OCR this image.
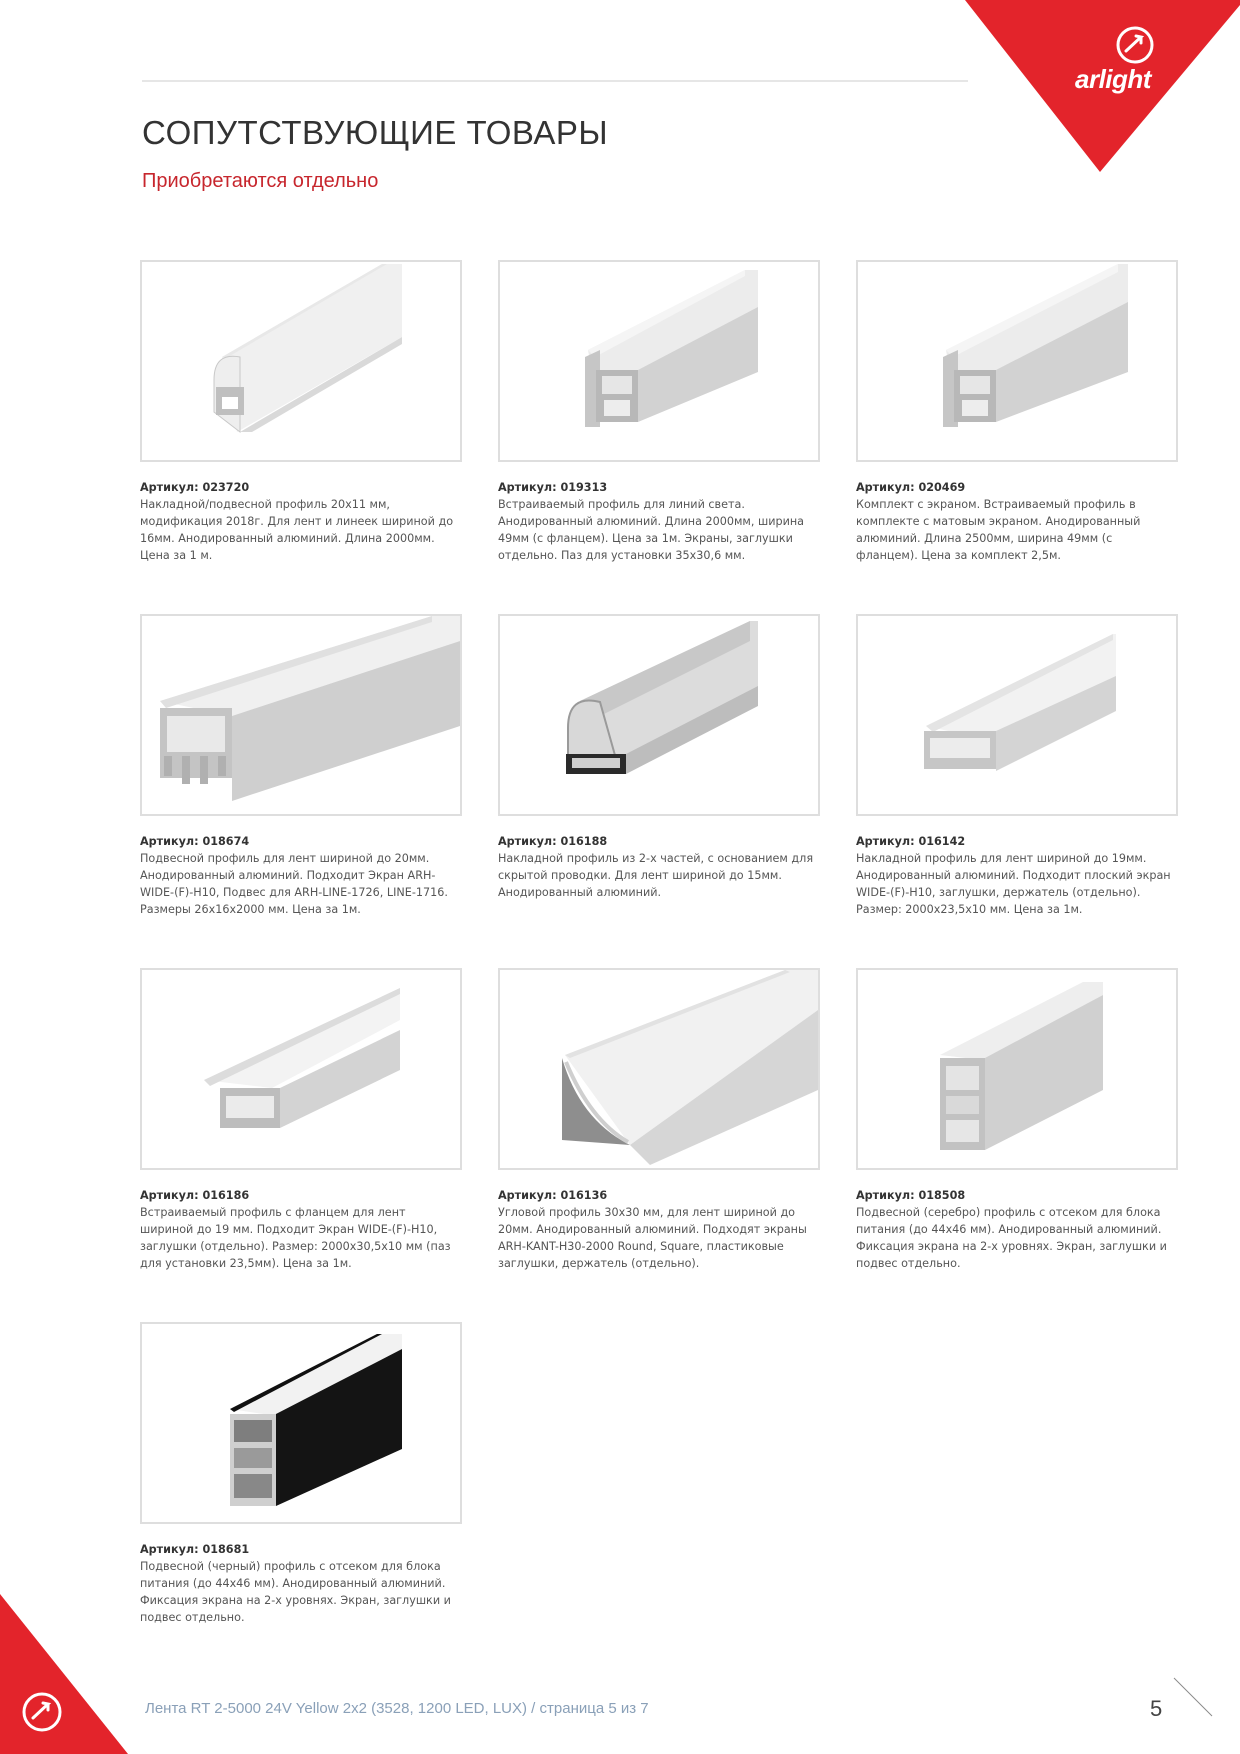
arlight
СОПУТСТВУЮЩИЕ ТОВАРЫ
Приобретаются отдельно
Артикул: 023720
Накладной/подвесной профиль 20х11 мм, модификация 2018г. Для лент и линеек шириной до 16мм. Анодированный алюминий. Длина 2000мм. Цена за 1 м.
Артикул: 019313
Встраиваемый профиль для линий света. Анодированный алюминий. Длина 2000мм, ширина 49мм (с фланцем). Цена за 1м. Экраны, заглушки отдельно. Паз для установки 35х30,6 мм.
Артикул: 020469
Комплект с экраном. Встраиваемый профиль в комплекте с матовым экраном. Анодированный алюминий. Длина 2500мм, ширина 49мм (с фланцем). Цена за комплект 2,5м.
Артикул: 018674
Подвесной профиль для лент шириной до 20мм. Анодированный алюминий. Подходит Экран ARH-WIDE-(F)-H10, Подвес для ARH-LINE-1726, LINE-1716. Размеры 26х16х2000 мм. Цена за 1м.
Артикул: 016188
Накладной профиль из 2-х частей, с основанием для скрытой проводки. Для лент шириной до 15мм. Анодированный алюминий.
Артикул: 016142
Накладной профиль для лент шириной до 19мм. Анодированный алюминий. Подходит плоский экран WIDE-(F)-H10, заглушки, держатель (отдельно). Размер: 2000х23,5х10 мм. Цена за 1м.
Артикул: 016186
Встраиваемый профиль с фланцем для лент шириной до 19 мм. Подходит Экран WIDE-(F)-H10, заглушки (отдельно). Размер: 2000х30,5х10 мм (паз для установки 23,5мм). Цена за 1м.
Артикул: 016136
Угловой профиль 30х30 мм, для лент шириной до 20мм. Анодированный алюминий. Подходят экраны ARH-KANT-H30-2000 Round, Square, пластиковые заглушки, держатель (отдельно).
Артикул: 018508
Подвесной (серебро) профиль с отсеком для блока питания (до 44х46 мм). Анодированный алюминий. Фиксация экрана на 2-х уровнях. Экран, заглушки и подвес отдельно.
Артикул: 018681
Подвесной (черный) профиль с отсеком для блока питания (до 44х46 мм). Анодированный алюминий. Фиксация экрана на 2-х уровнях. Экран, заглушки и подвес отдельно.
Лента RT 2-5000 24V Yellow 2x2 (3528, 1200 LED, LUX) / страница 5 из 7	5
